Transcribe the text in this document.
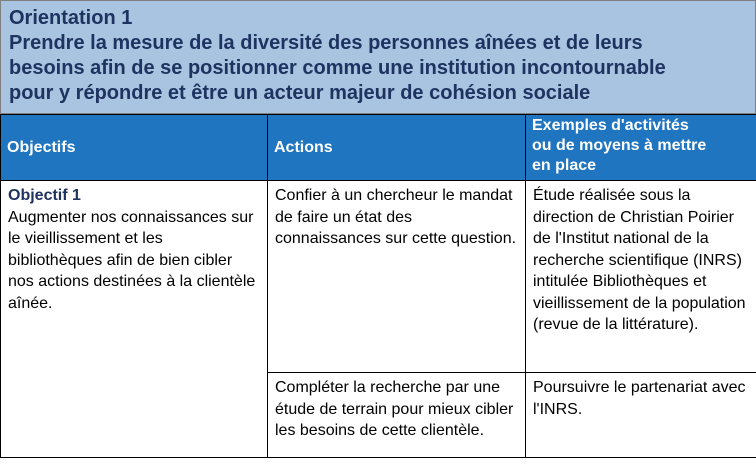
Orientation 1
Prendre la mesure de la diversité des personnes aînées et de leurs
besoins afin de se positionner comme une institution incontournable
pour y répondre et être un acteur majeur de cohésion sociale
Objectifs	Actions	Exemples d'activités
ou de moyens à mettre
en place

Objectif 1
Augmenter nos connaissances sur le vieillissement et les bibliothèques afin de bien cibler nos actions destinées à la clientèle aînée.	Confier à un chercheur le mandat de faire un état des connaissances sur cette question.	Étude réalisée sous la direction de Christian Poirier de l'Institut national de la recherche scientifique (INRS) intitulée Bibliothèques et vieillissement de la population (revue de la littérature).
	Compléter la recherche par une étude de terrain pour mieux cibler les besoins de cette clientèle.	Poursuivre le partenariat avec l'INRS.
